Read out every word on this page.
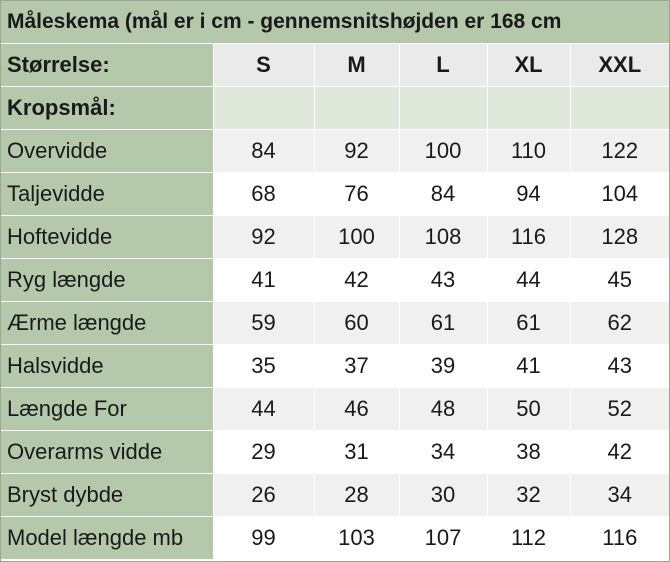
Måleskema (mål er i cm - gennemsnitshøjden er 168 cm					
Størrelse:	S	M	L	XL	XXL
Kropsmål:					
Overvidde	84	92	100	110	122
Taljevidde	68	76	84	94	104
Hoftevidde	92	100	108	116	128
Ryg længde	41	42	43	44	45
Ærme længde	59	60	61	61	62
Halsvidde	35	37	39	41	43
Længde For	44	46	48	50	52
Overarms vidde	29	31	34	38	42
Bryst dybde	26	28	30	32	34
Model længde mb	99	103	107	112	116
